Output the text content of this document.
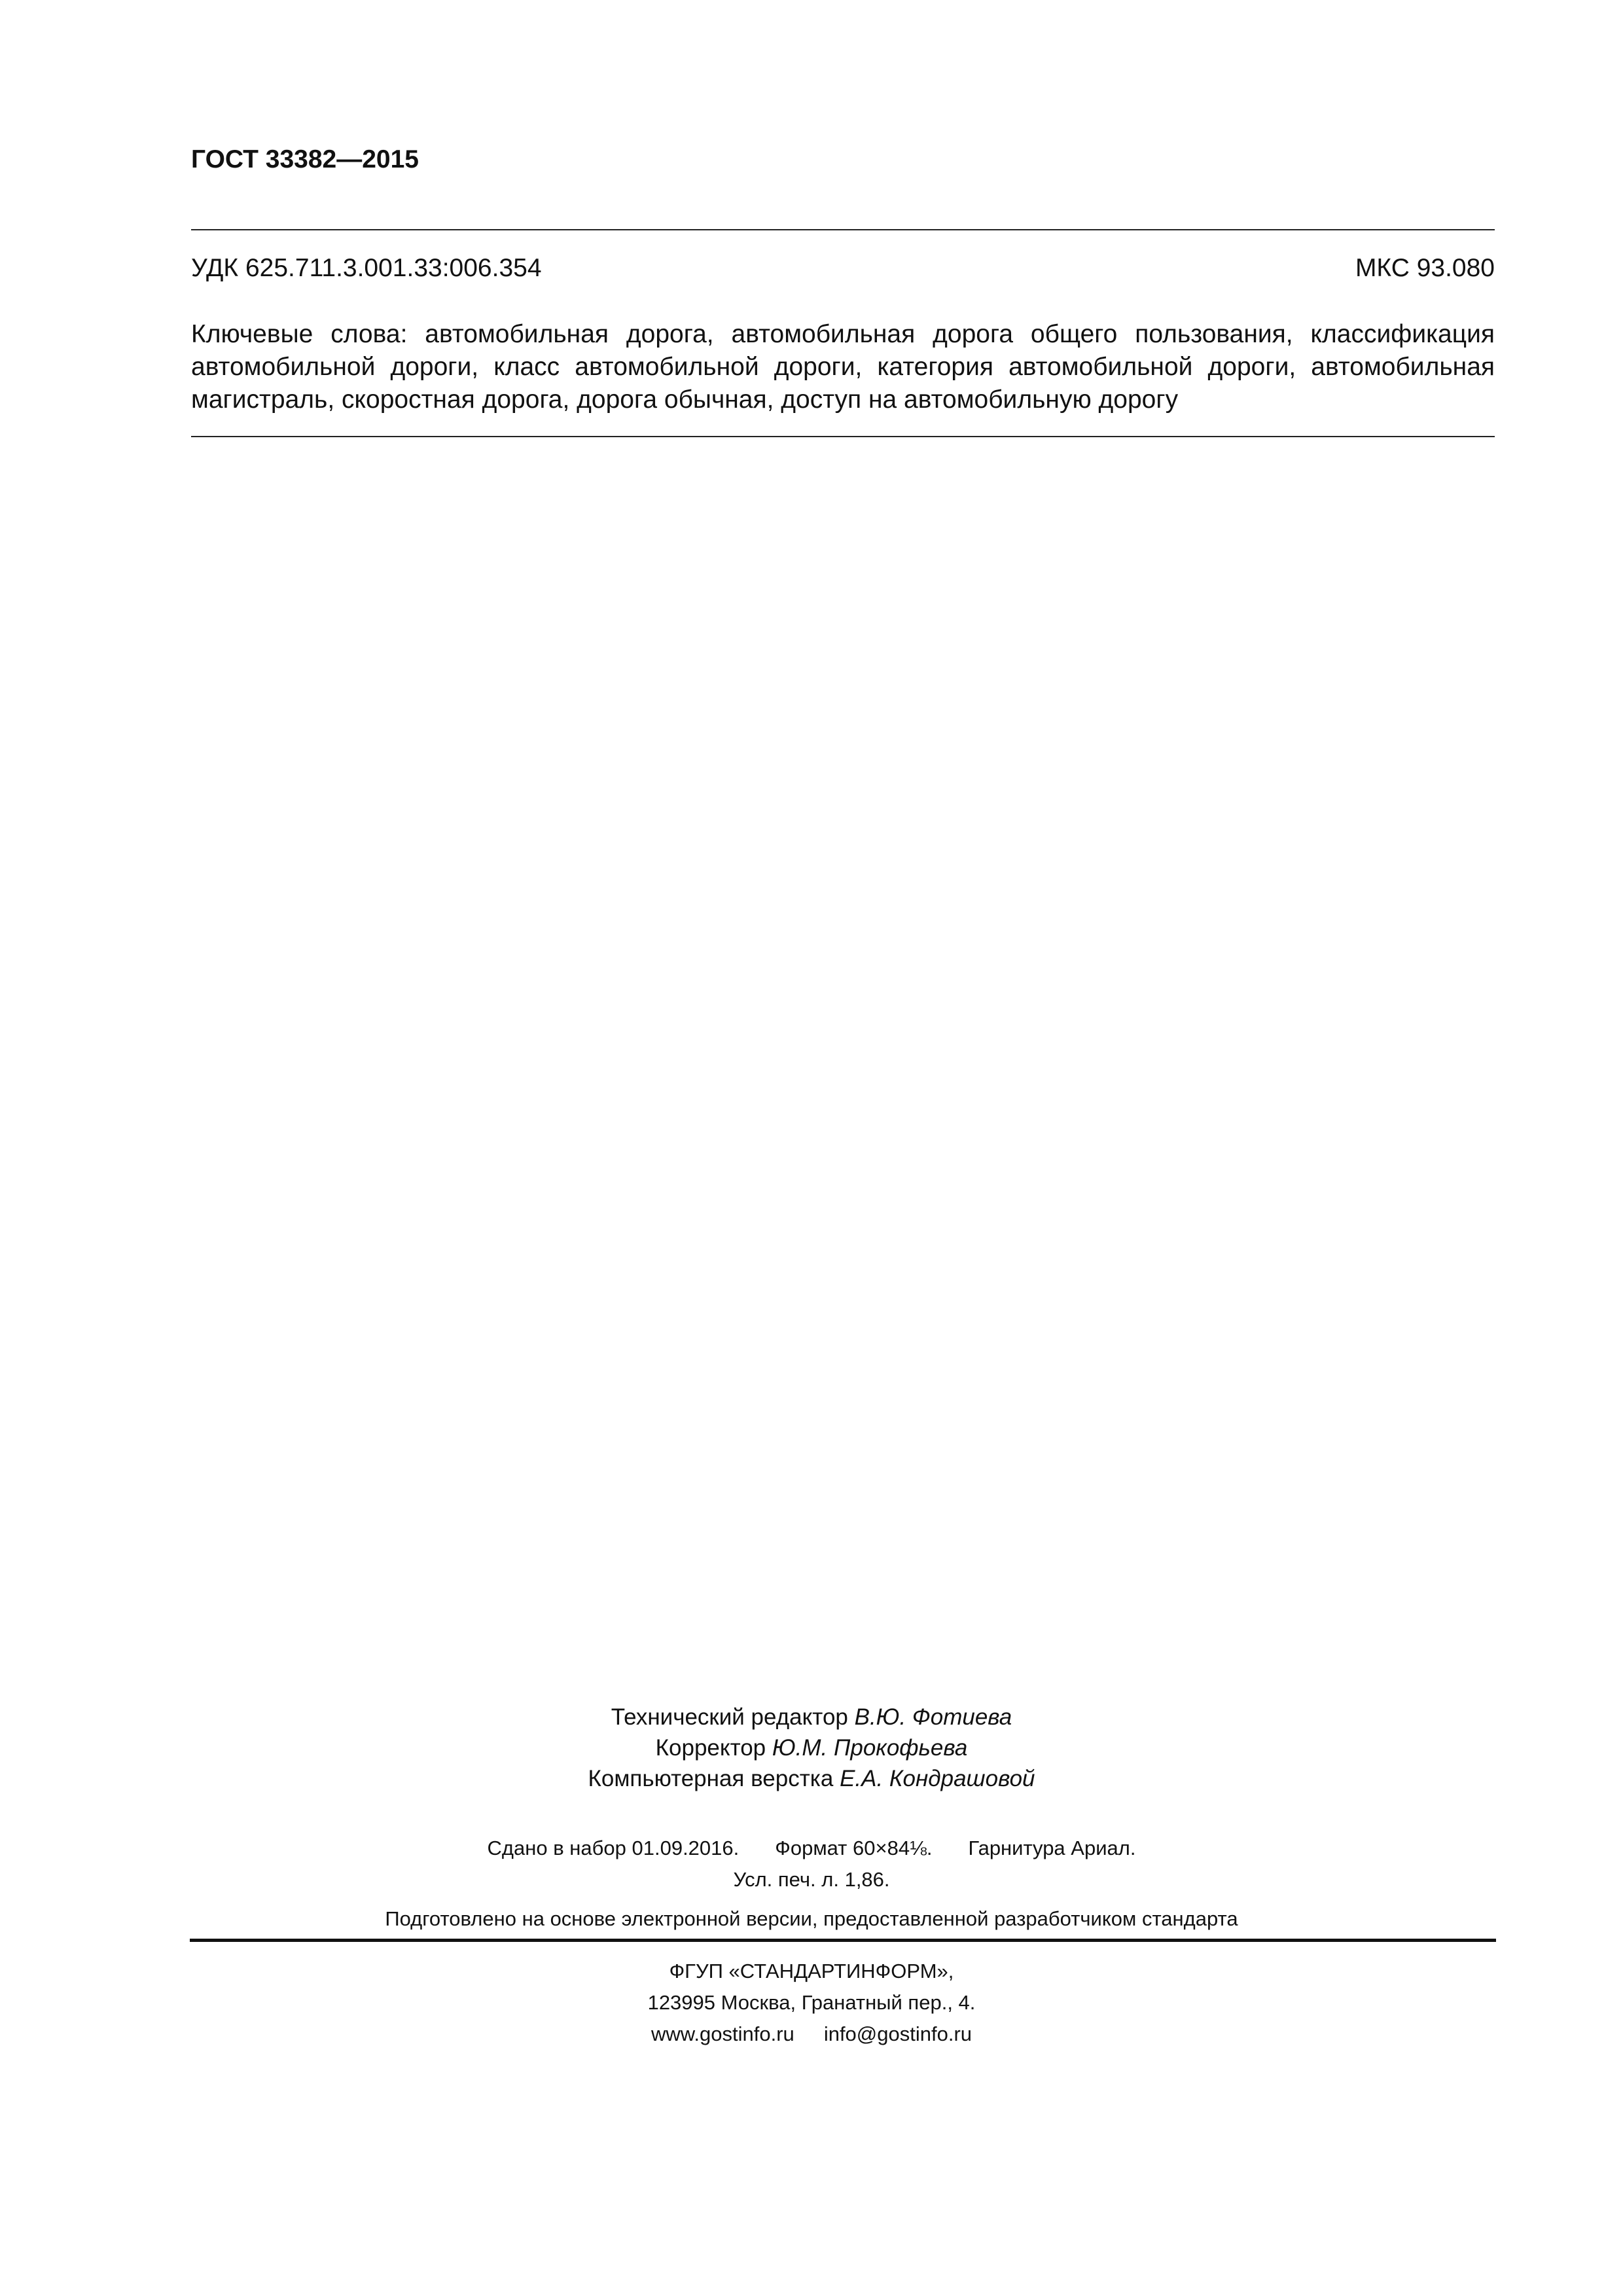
ГОСТ 33382—2015
УДК 625.711.3.001.33:006.354	МКС 93.080
Ключевые слова: автомобильная дорога, автомобильная дорога общего пользования, классификация автомобильной дороги, класс автомобильной дороги, категория автомобильной дороги, автомобильная магистраль, скоростная дорога, дорога обычная, доступ на автомобильную дорогу
Технический редактор В.Ю. Фотиева
Корректор Ю.М. Прокофьева
Компьютерная верстка Е.А. Кондрашовой
Сдано в набор 01.09.2016. Формат 60×84⅛. Гарнитура Ариал.
Усл. печ. л. 1,86.
Подготовлено на основе электронной версии, предоставленной разработчиком стандарта
ФГУП «СТАНДАРТИНФОРМ»,
123995 Москва, Гранатный пер., 4.
www.gostinfo.ru info@gostinfo.ru
